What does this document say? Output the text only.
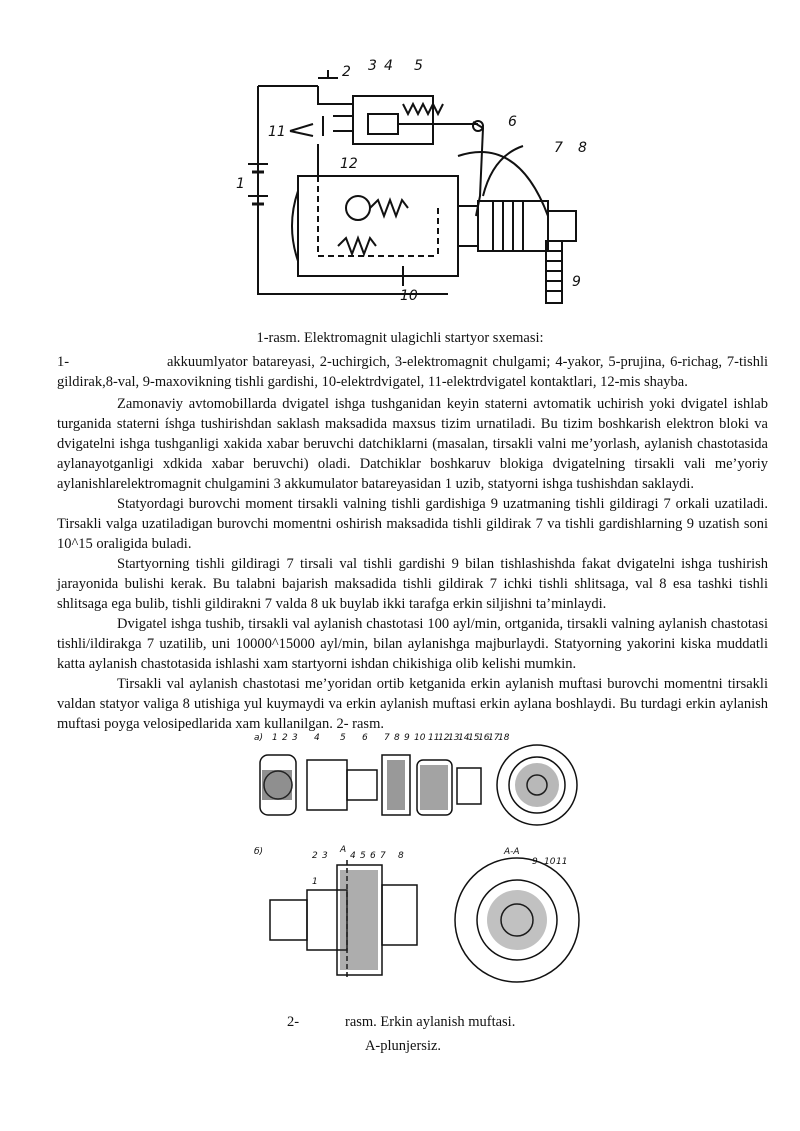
1
2 3 4 5
6
7 8
9
10
11
12
1-rasm. Elektromagnit ulagichli startyor sxemasi:
1-	akkuumlyator batareyasi, 2-uchirgich, 3-elektromagnit chulgami; 4-yakor, 5-prujina, 6-richag, 7-tishli gildirak,8-val, 9-maxovikning tishli gardishi, 10-elektrdvigatel, 11-elektrdvigatel kontaktlari, 12-mis shayba.

Zamonaviy avtomobillarda dvigatel ishga tushganidan keyin staterni avtomatik uchirish yoki dvigatel ishlab turganida staterni íshga tushirishdan saklash maksadida maxsus tizim urnatiladi. Bu tizim boshkarish elektron bloki va dvigatelni ishga tushganligi xakida xabar beruvchi datchiklarni (masalan, tirsakli valni me’yorlash, aylanish chastotasida aylanayotganligi xdkida xabar beruvchi) oladi. Datchiklar boshkaruv blokiga dvigatelning tirsakli vali me’yoriy aylanishlarelektromagnit chulgamini 3 akkumulator batareyasidan 1 uzib, statyorni ishga tushishdan saklaydi.

Statyordagi burovchi moment tirsakli valning tishli gardishiga 9 uzatmaning tishli gildiragi 7 orkali uzatiladi. Tirsakli valga uzatiladigan burovchi momentni oshirish maksadida tishli gildirak 7 va tishli gardishlarning 9 uzatish soni 10^15 oraligida buladi.

Startyorning tishli gildiragi 7 tirsali val tishli gardishi 9 bilan tishlashishda fakat dvigatelni ishga tushirish jarayonida bulishi kerak. Bu talabni bajarish maksadida tishli gildirak 7 ichki tishli shlitsaga, val 8 esa tashki tishli shlitsaga ega bulib, tishli gildirakni 7 valda 8 uk buylab ikki tarafga erkin siljishni ta’minlaydi.

Dvigatel ishga tushib, tirsakli val aylanish chastotasi 100 ayl/min, ortganida, tirsakli valning aylanish chastotasi tishli/ildirakga 7 uzatilib, uni 10000^15000 ayl/min, bilan aylanishga majburlaydi. Statyorning yakorini kiska muddatli katta aylanish chastotasida ishlashi xam startyorni ishdan chikishiga olib kelishi mumkin.

Tirsakli val aylanish chastotasi me’yoridan ortib ketganida erkin aylanish muftasi burovchi momentni tirsakli valdan statyor valiga 8 utishiga yul kuymaydi va erkin aylanish muftasi erkin aylana boshlaydi. Bu turdagi erkin aylanish muftasi poyga velosipedlarida xam kullanilgan. 2- rasm.

a) 1 2 3 4 5 6 7 8 9 10 11
12
13
14
15
16
17
18
б)	2 3
A
4 5 6 7 8
1
A-A
9 10 11
2-	rasm. Erkin aylanish muftasi.
A-plunjersiz.
